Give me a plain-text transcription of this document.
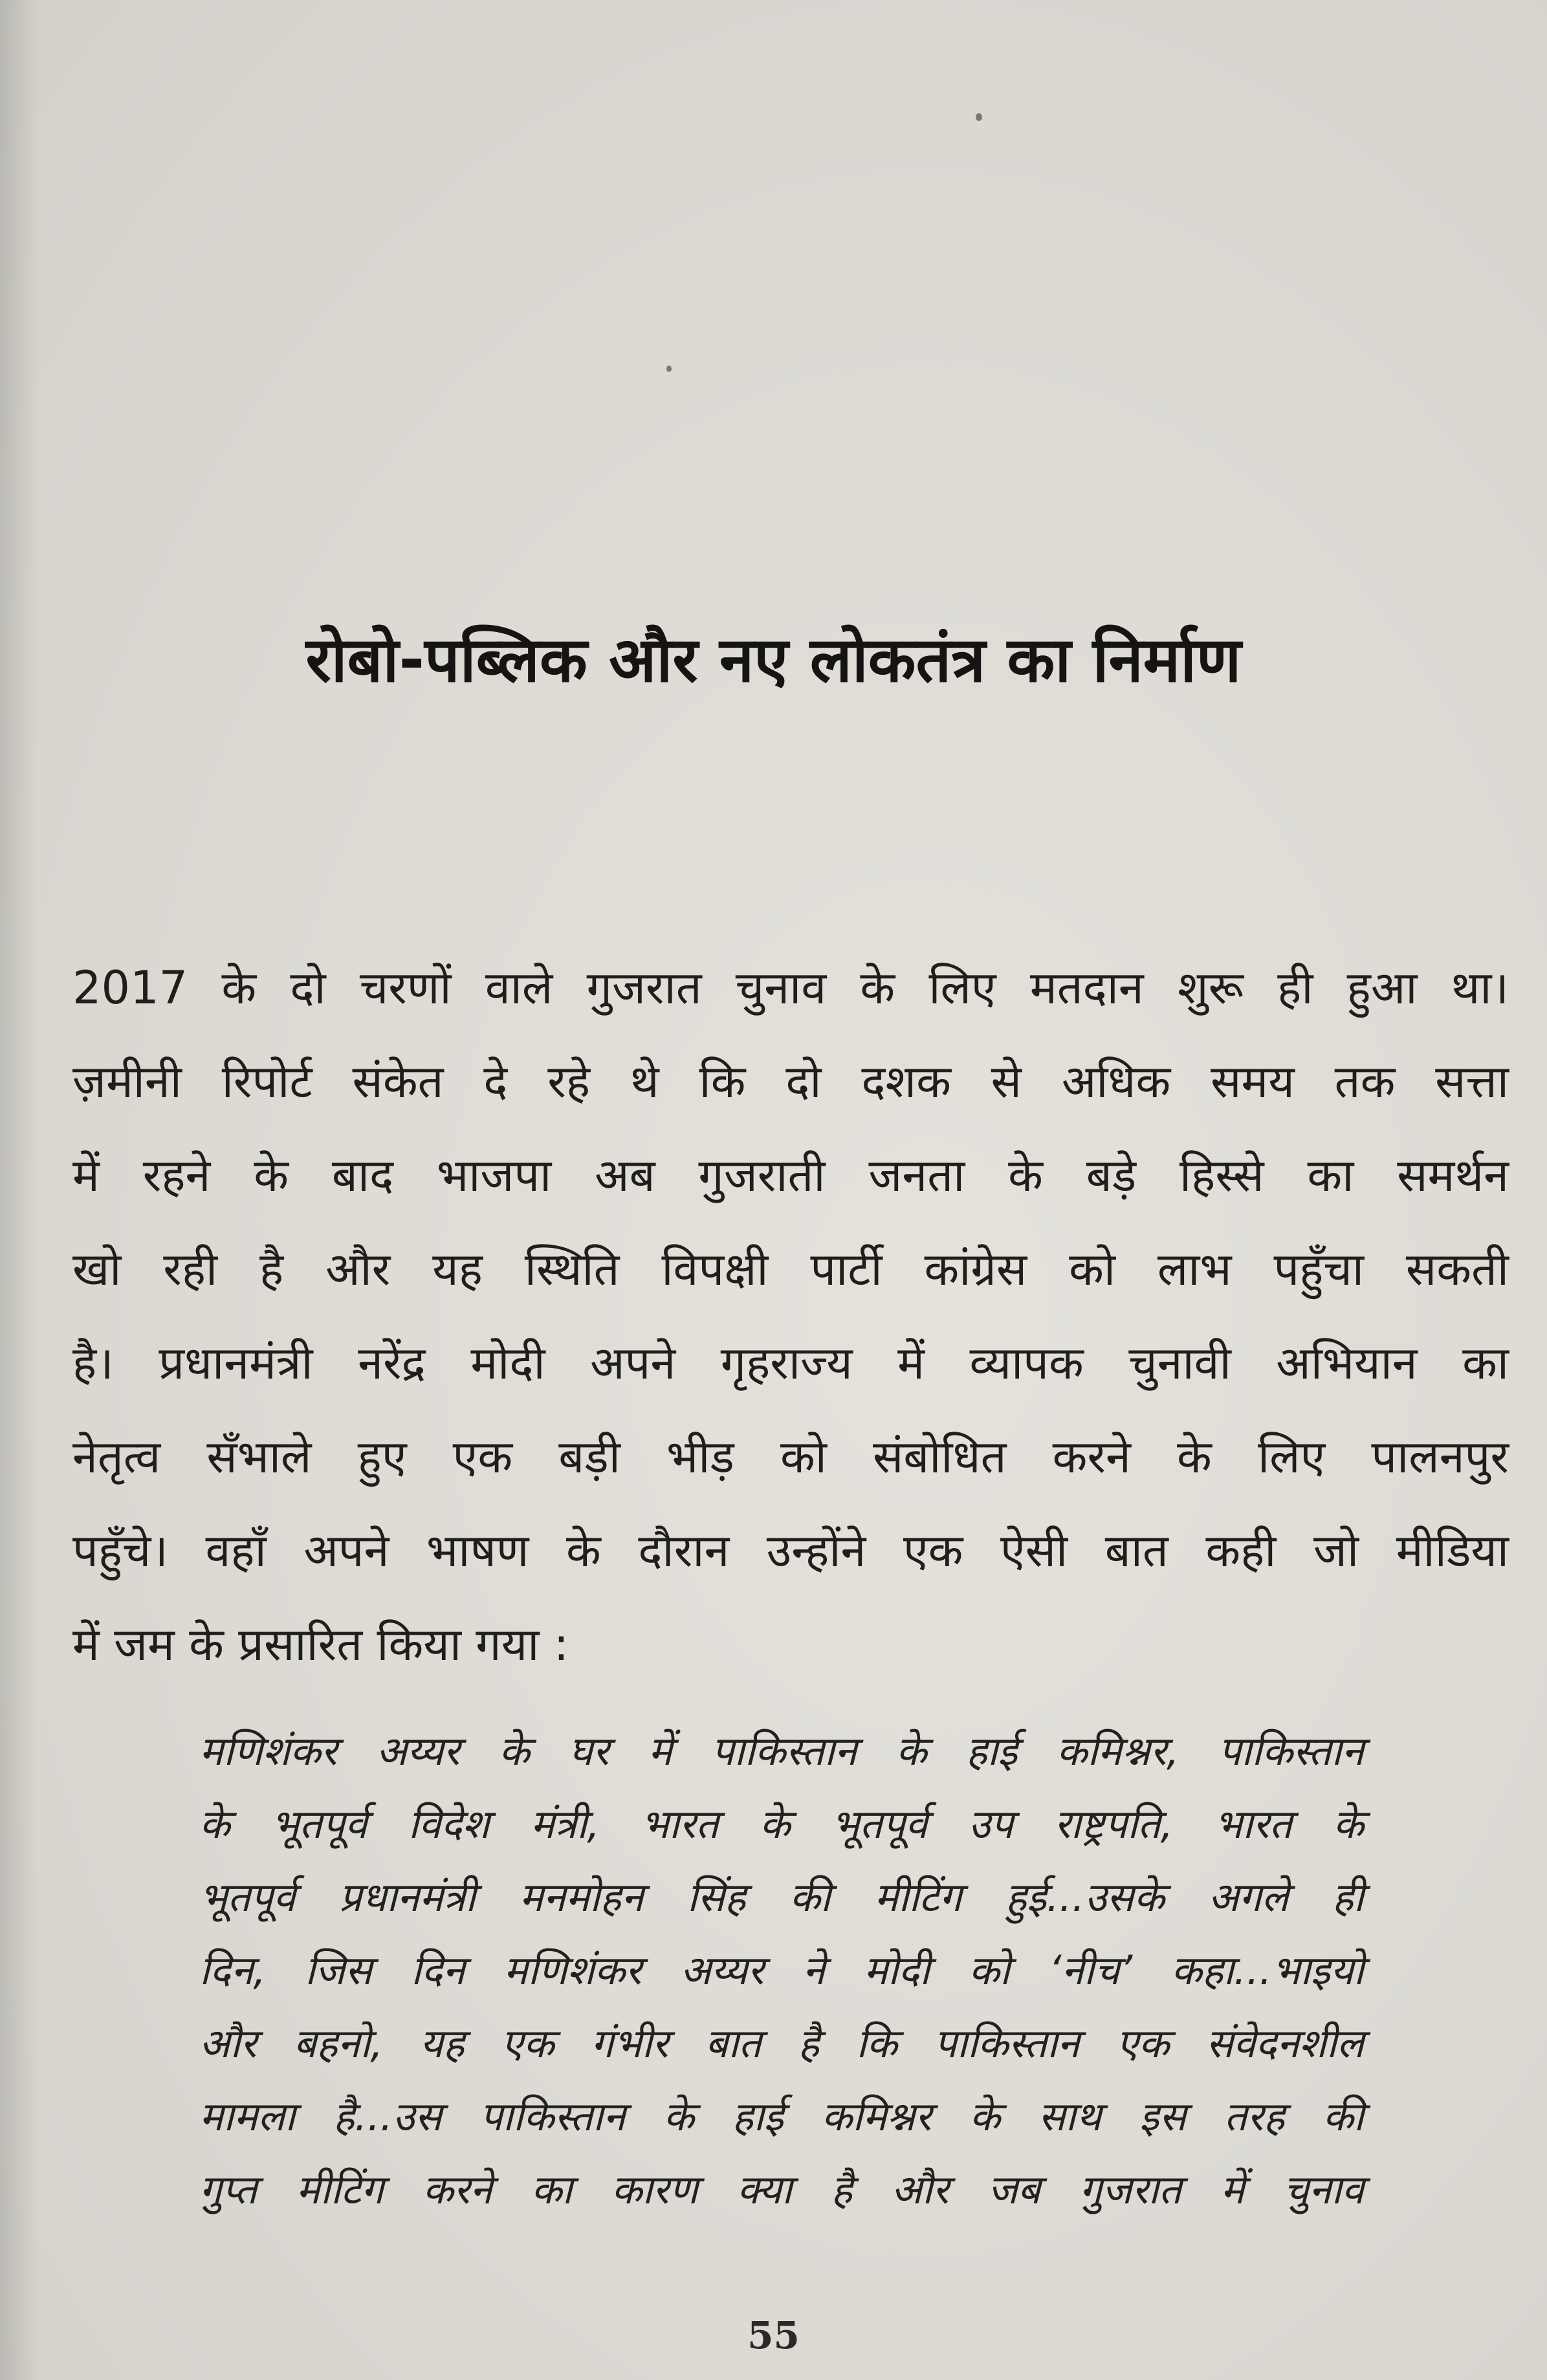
रोबो-पब्लिक और नए लोकतंत्र का निर्माण
2017 के दो चरणों वाले गुजरात चुनाव के लिए मतदान शुरू ही हुआ था।
ज़मीनी रिपोर्ट संकेत दे रहे थे कि दो दशक से अधिक समय तक सत्ता
में रहने के बाद भाजपा अब गुजराती जनता के बड़े हिस्से का समर्थन
खो रही है और यह स्थिति विपक्षी पार्टी कांग्रेस को लाभ पहुँचा सकती
है। प्रधानमंत्री नरेंद्र मोदी अपने गृहराज्य में व्यापक चुनावी अभियान का
नेतृत्व सँभाले हुए एक बड़ी भीड़ को संबोधित करने के लिए पालनपुर
पहुँचे। वहाँ अपने भाषण के दौरान उन्होंने एक ऐसी बात कही जो मीडिया
में जम के प्रसारित किया गया :
मणिशंकर अय्यर के घर में पाकिस्तान के हाई कमिश्नर, पाकिस्तान
के भूतपूर्व विदेश मंत्री, भारत के भूतपूर्व उप राष्ट्रपति, भारत के
भूतपूर्व प्रधानमंत्री मनमोहन सिंह की मीटिंग हुई...उसके अगले ही
दिन, जिस दिन मणिशंकर अय्यर ने मोदी को ‘नीच’ कहा...भाइयो
और बहनो, यह एक गंभीर बात है कि पाकिस्तान एक संवेदनशील
मामला है...उस पाकिस्तान के हाई कमिश्नर के साथ इस तरह की
गुप्त मीटिंग करने का कारण क्या है और जब गुजरात में चुनाव
55
